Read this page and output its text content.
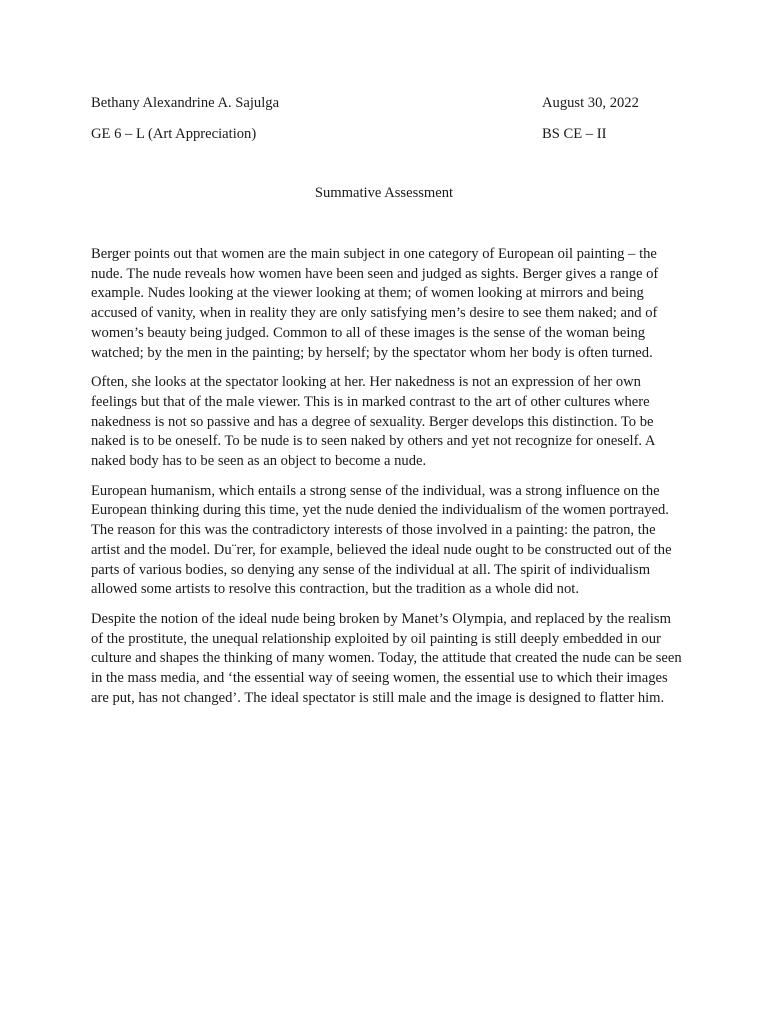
Bethany Alexandrine A. Sajulga	August 30, 2022
GE 6 – L (Art Appreciation)	BS CE – II
Summative Assessment

Berger points out that women are the main subject in one category of European oil painting – the nude. The nude reveals how women have been seen and judged as sights. Berger gives a range of example. Nudes looking at the viewer looking at them; of women looking at mirrors and being accused of vanity, when in reality they are only satisfying men’s desire to see them naked; and of women’s beauty being judged. Common to all of these images is the sense of the woman being watched; by the men in the painting; by herself; by the spectator whom her body is often turned.

Often, she looks at the spectator looking at her. Her nakedness is not an expression of her own feelings but that of the male viewer. This is in marked contrast to the art of other cultures where nakedness is not so passive and has a degree of sexuality. Berger develops this distinction. To be naked is to be oneself. To be nude is to seen naked by others and yet not recognize for oneself. A naked body has to be seen as an object to become a nude.

European humanism, which entails a strong sense of the individual, was a strong influence on the European thinking during this time, yet the nude denied the individualism of the women portrayed. The reason for this was the contradictory interests of those involved in a painting: the patron, the artist and the model. Du¨rer, for example, believed the ideal nude ought to be constructed out of the parts of various bodies, so denying any sense of the individual at all. The spirit of individualism allowed some artists to resolve this contraction, but the tradition as a whole did not.

Despite the notion of the ideal nude being broken by Manet’s Olympia, and replaced by the realism of the prostitute, the unequal relationship exploited by oil painting is still deeply embedded in our culture and shapes the thinking of many women. Today, the attitude that created the nude can be seen in the mass media, and ‘the essential way of seeing women, the essential use to which their images are put, has not changed’. The ideal spectator is still male and the image is designed to flatter him.
